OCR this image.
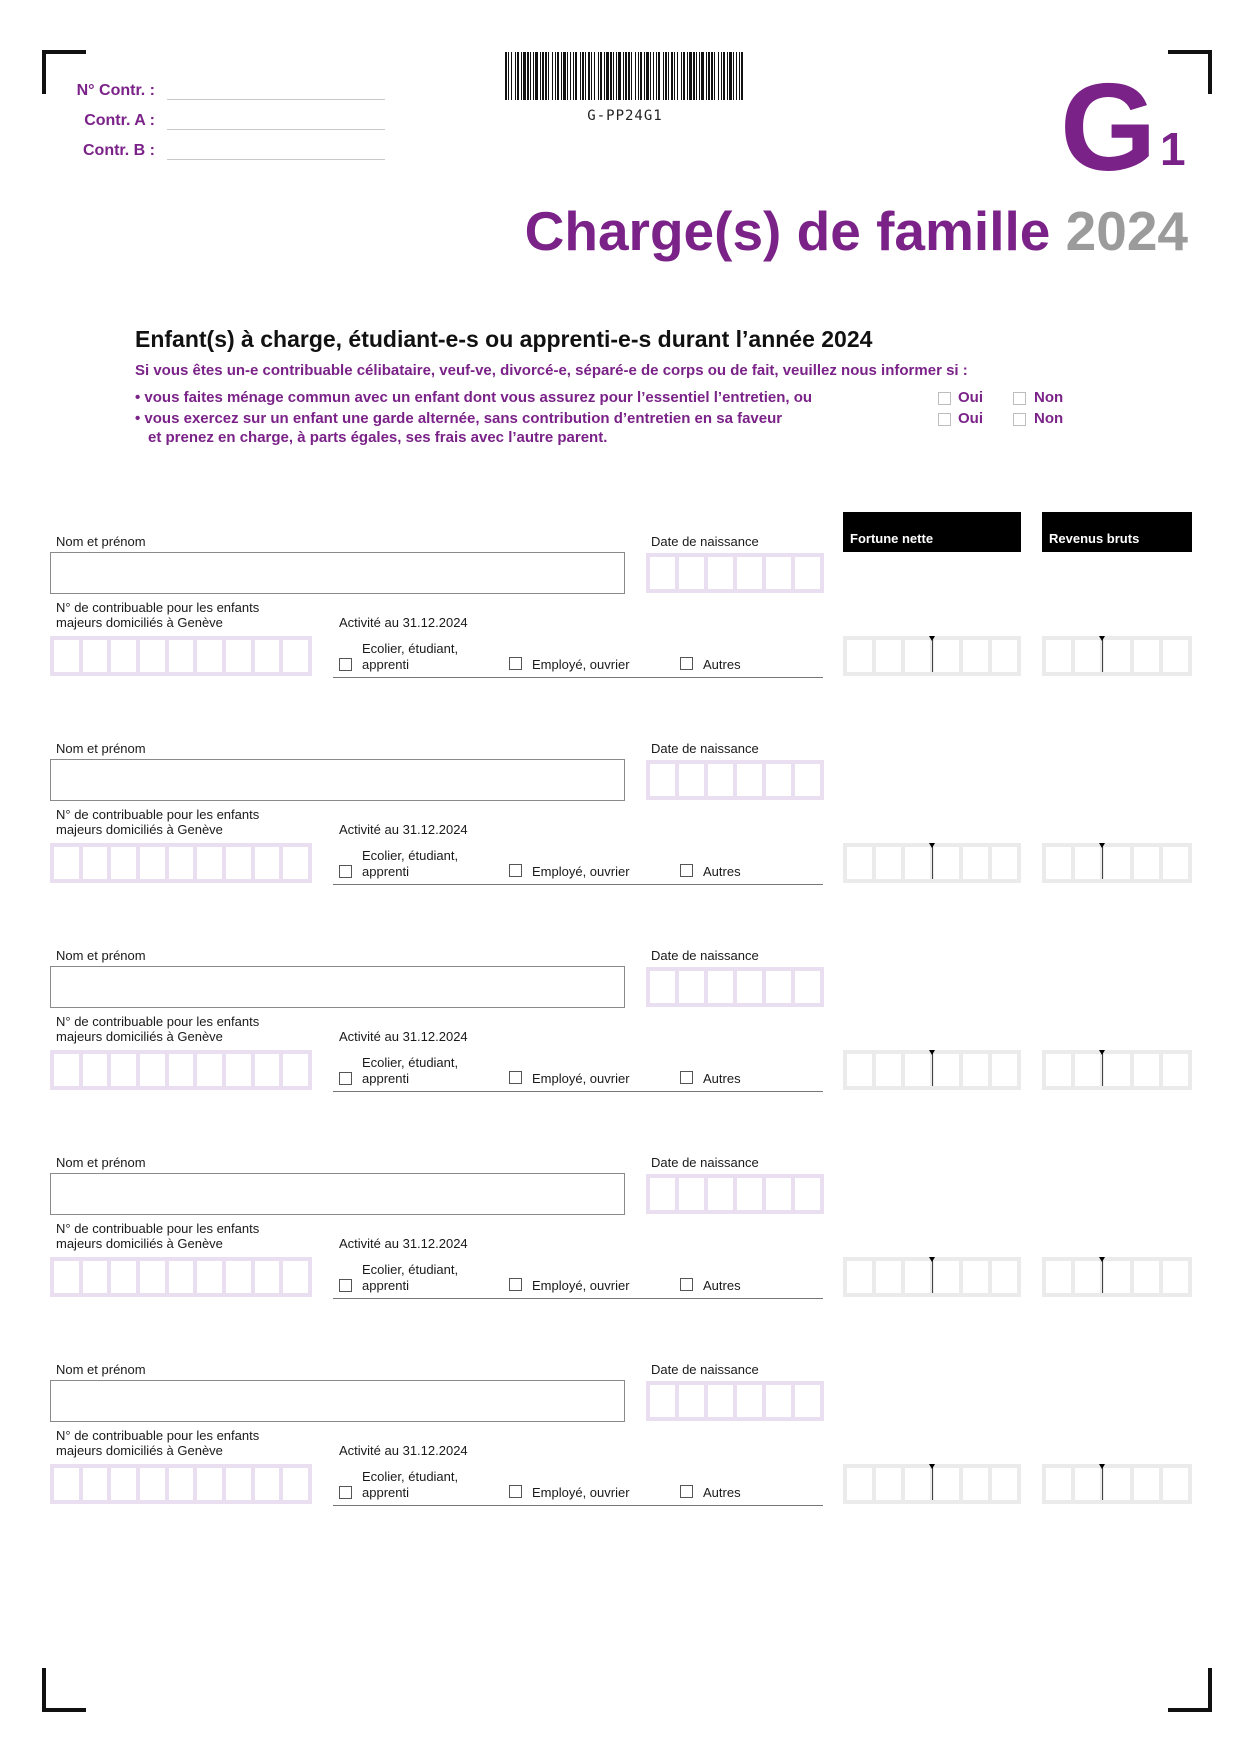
N° Contr. :
Contr. A :
Contr. B :
G-PP24G1	G 1
Charge(s) de famille 2024
Enfant(s) à charge, étudiant-e-s ou apprenti-e-s durant l’année 2024
Si vous êtes un-e contribuable célibataire, veuf-ve, divorcé-e, séparé-e de corps ou de fait, veuillez nous informer si :
• vous faites ménage commun avec un enfant dont vous assurez pour l’essentiel l’entretien, ou
• vous exercez sur un enfant une garde alternée, sans contribution d’entretien en sa faveur
et prenez en charge, à parts égales, ses frais avec l’autre parent.
Oui	Non
Oui	Non
Fortune nette	Revenus bruts
Nom et prénom	Date de naissance
N° de contribuable pour les enfants
majeurs domiciliés à Genève	Activité au 31.12.2024
Ecolier, étudiant,
apprenti	Employé, ouvrier	Autres
Nom et prénom	Date de naissance
N° de contribuable pour les enfants
majeurs domiciliés à Genève	Activité au 31.12.2024
Ecolier, étudiant,
apprenti	Employé, ouvrier	Autres
Nom et prénom	Date de naissance
N° de contribuable pour les enfants
majeurs domiciliés à Genève	Activité au 31.12.2024
Ecolier, étudiant,
apprenti	Employé, ouvrier	Autres
Nom et prénom	Date de naissance
N° de contribuable pour les enfants
majeurs domiciliés à Genève	Activité au 31.12.2024
Ecolier, étudiant,
apprenti	Employé, ouvrier	Autres
Nom et prénom	Date de naissance
N° de contribuable pour les enfants
majeurs domiciliés à Genève	Activité au 31.12.2024
Ecolier, étudiant,
apprenti	Employé, ouvrier	Autres
